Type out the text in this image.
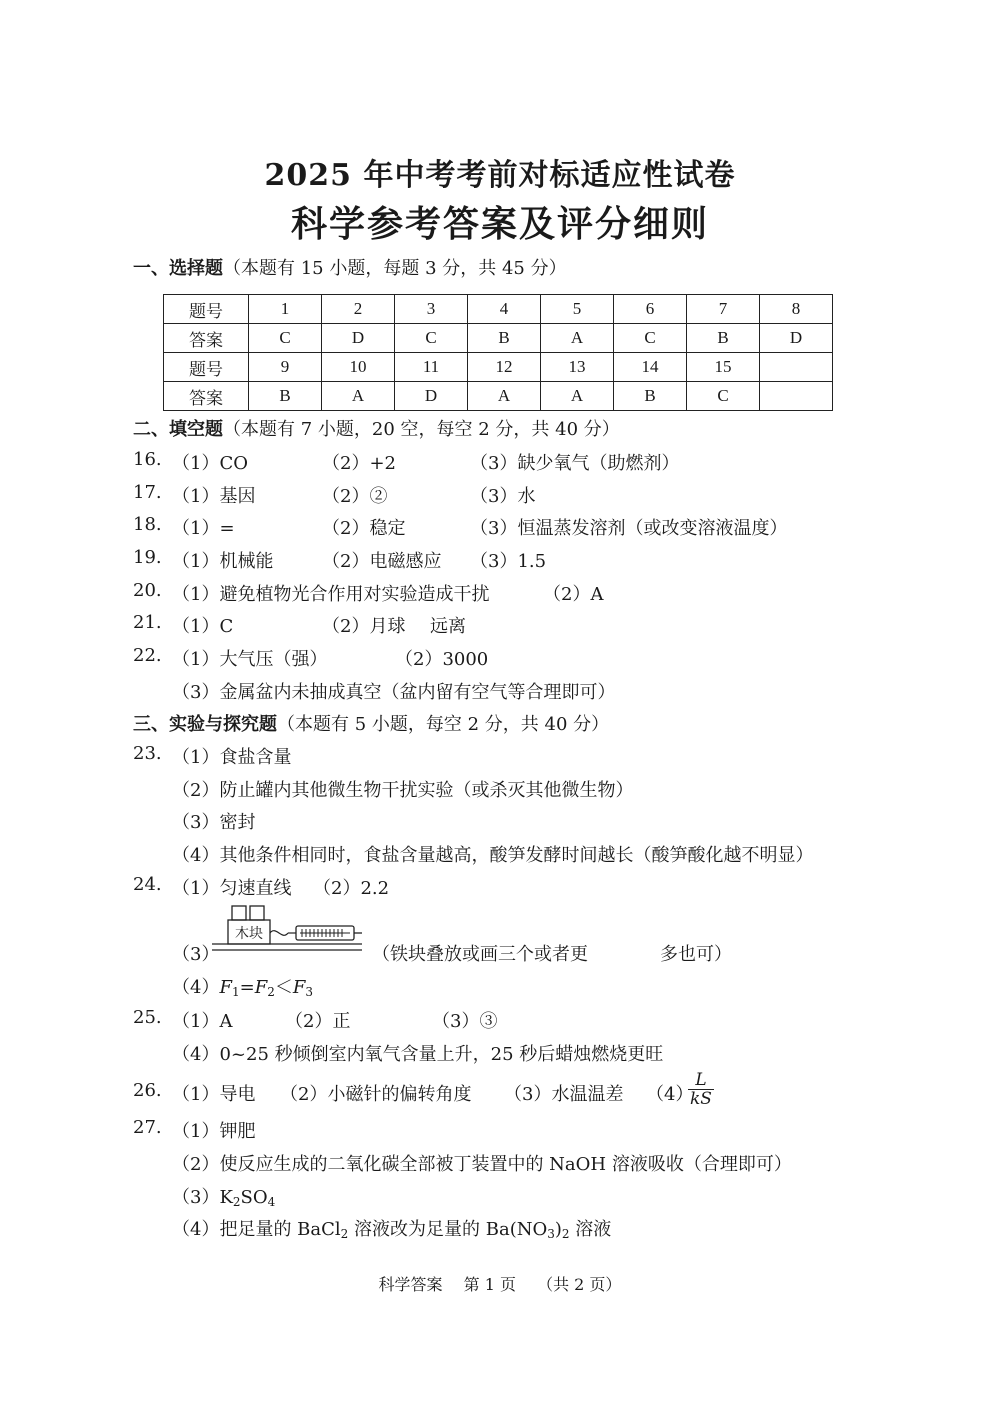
2025 年中考考前对标适应性试卷
科学参考答案及评分细则
一、选择题（本题有 15 小题，每题 3 分，共 45 分）
题号	1	2	3	4	5	6	7	8
答案	C	D	C	B	A	C	B	D
题号	9	10	11	12	13	14	15	
答案	B	A	D	A	A	B	C	
二、填空题（本题有 7 小题，20 空，每空 2 分，共 40 分）
16. （1）CO	（2）+2	（3）缺少氧气（助燃剂）
17. （1）基因	（2）②	（3）水
18. （1）=	（2）稳定	（3）恒温蒸发溶剂（或改变溶液温度）
19. （1）机械能	（2）电磁感应 （3）1.5
20. （1）避免植物光合作用对实验造成干扰	（2）A
21. （1）C	（2）月球 远离
22. （1）大气压（强）	（2）3000
（3）金属盆内未抽成真空（盆内留有空气等合理即可）
三、实验与探究题（本题有 5 小题，每空 2 分，共 40 分）
23. （1）食盐含量
（2）防止罐内其他微生物干扰实验（或杀灭其他微生物）
（3）密封
（4）其他条件相同时，食盐含量越高，酸笋发酵时间越长（酸笋酸化越不明显）
24. （1）匀速直线 （2）2.2
（3）
木块
（铁块叠放或画三个或者更	多也可）
$(4)F_1=F_2<F_3$
25. （1）A	（2）正	（3）③
（4）0~25 秒倾倒室内氧气含量上升，25 秒后蜡烛燃烧更旺
26. （1）导电 （2）小磁针的偏转角度 （3）水温温差 （4）
$\frac{L}{kS}$
27. （1）钾肥
（2）使反应生成的二氧化碳全部被丁装置中的 NaOH 溶液吸收（合理即可）
$(3)K_2SO_4$
（4）把足量的 BaCl$_2$ 溶液改为足量的 $Ba(NO_3)_2$ 溶液
科学答案　 第 1 页　 （共 2 页）
